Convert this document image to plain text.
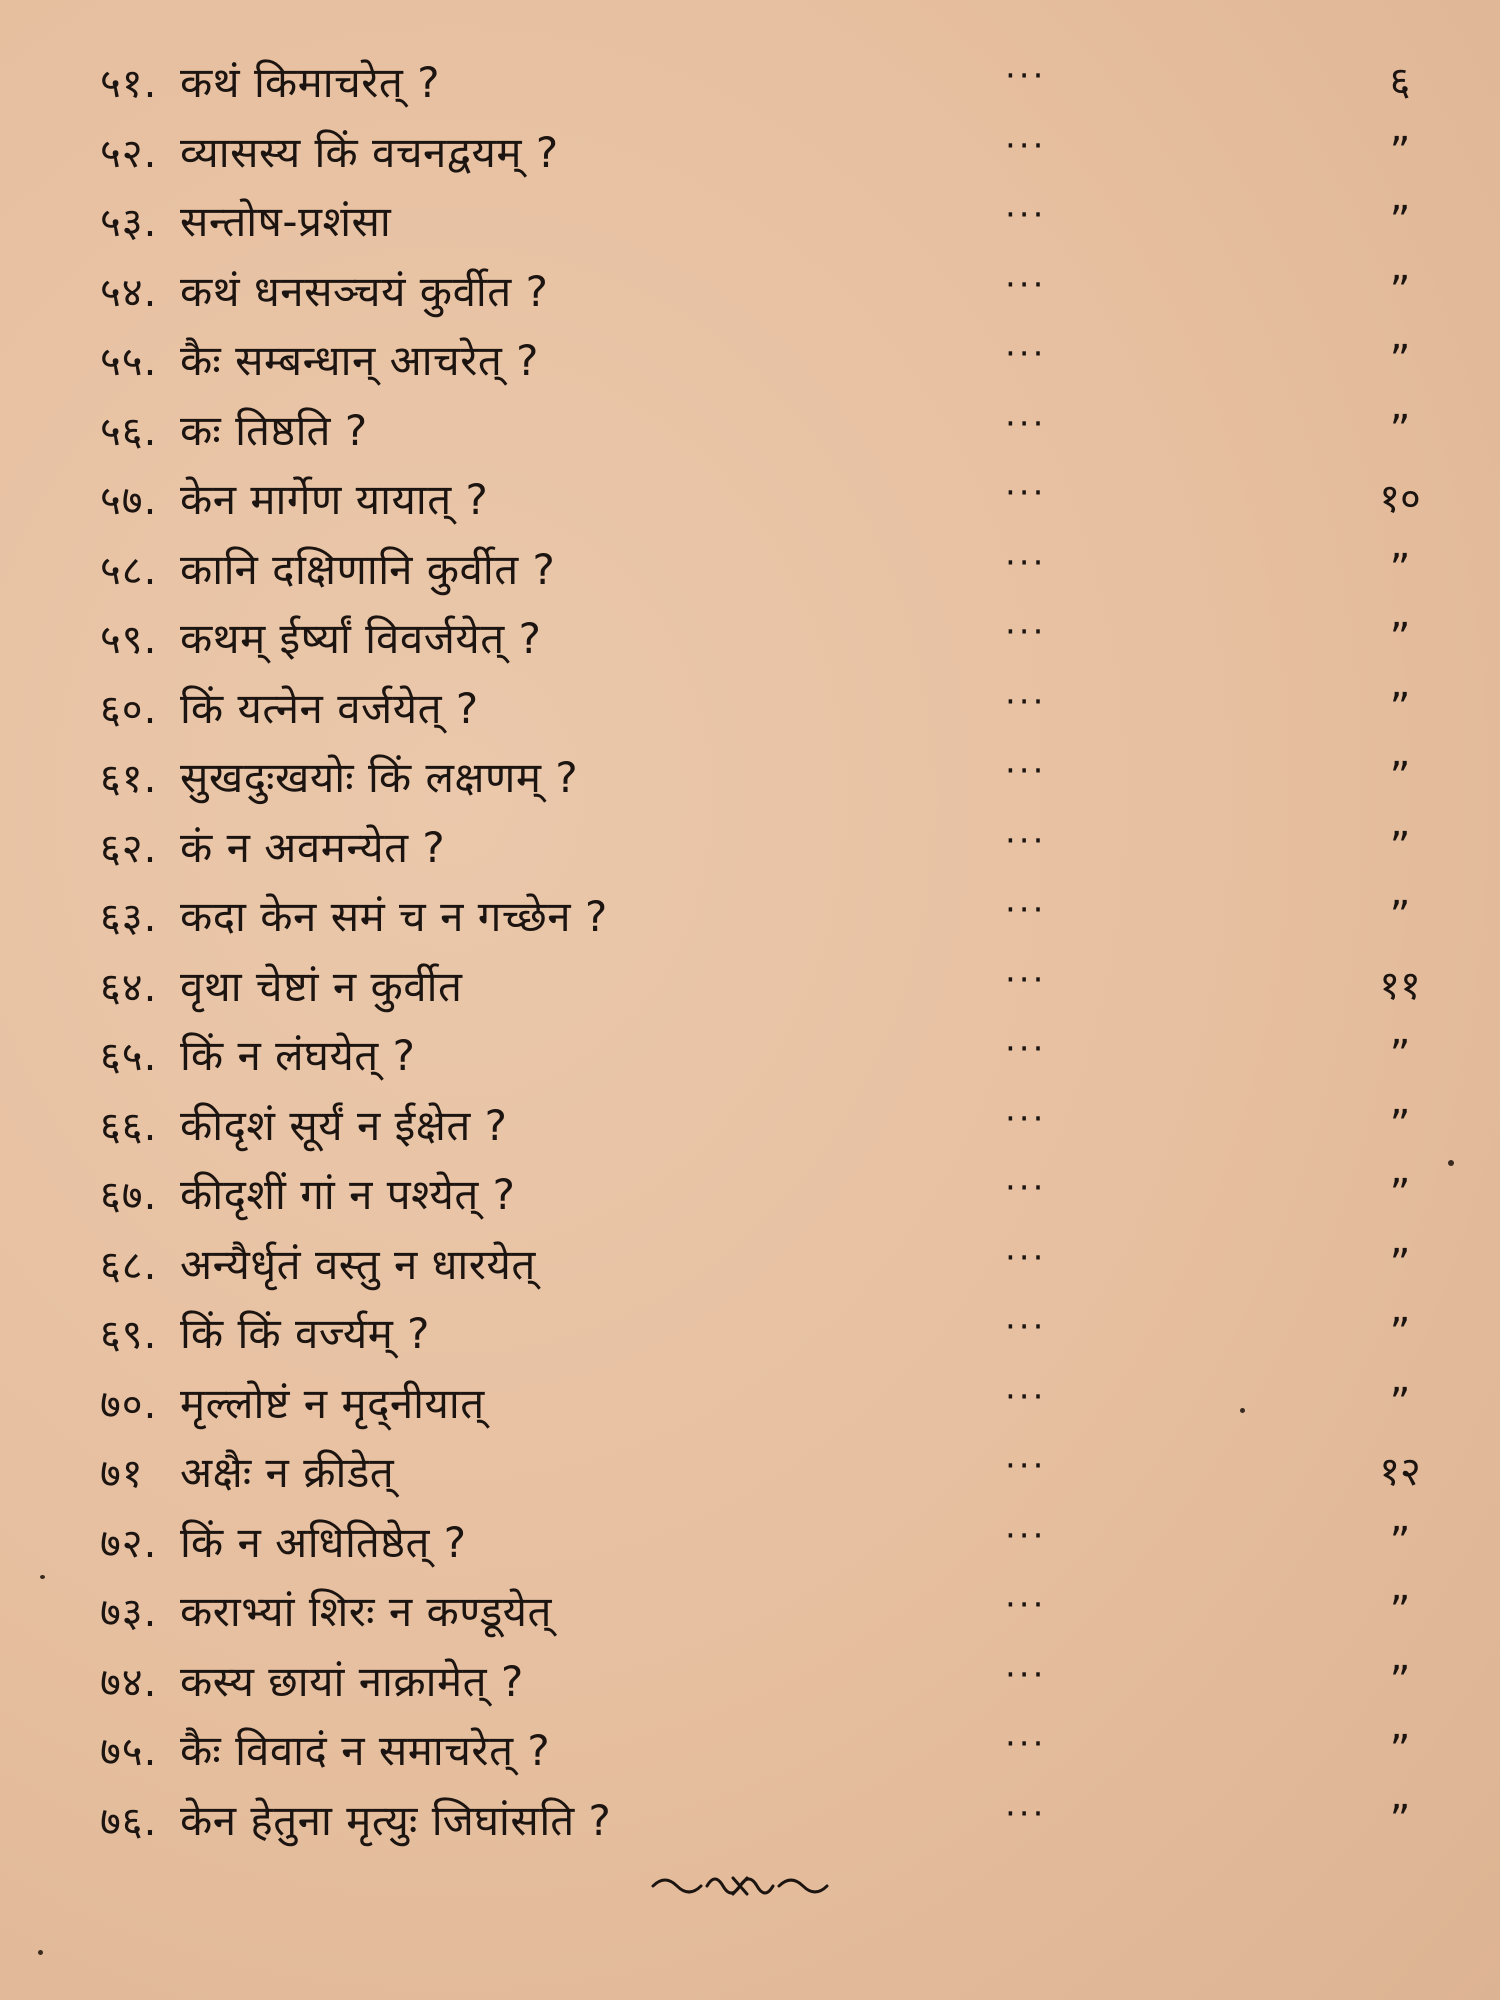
५१. कथं किमाचरेत् ?	···	६
५२. व्यासस्य किं वचनद्वयम् ?	···	”
५३. सन्तोष-प्रशंसा	···	”
५४. कथं धनसञ्चयं कुर्वीत ?	···	”
५५. कैः सम्बन्धान् आचरेत् ?	···	”
५६. कः तिष्ठति ?	···	”
५७. केन मार्गेण यायात् ?	···	१०
५८. कानि दक्षिणानि कुर्वीत ?	···	”
५९. कथम् ईर्ष्यां विवर्जयेत् ?	···	”
६०. किं यत्नेन वर्जयेत् ?	···	”
६१. सुखदुःखयोः किं लक्षणम् ?	···	”
६२. कं न अवमन्येत ?	···	”
६३. कदा केन समं च न गच्छेन ?	···	”
६४. वृथा चेष्टां न कुर्वीत	···	११
६५. किं न लंघयेत् ?	···	”
६६. कीदृशं सूर्यं न ईक्षेत ?	···	”
६७. कीदृशीं गां न पश्येत् ?	···	”
६८. अन्यैर्धृतं वस्तु न धारयेत्	···	”
६९. किं किं वर्ज्यम् ?	···	”
७०. मृल्लोष्टं न मृद्नीयात्	···	”
७१ अक्षैः न क्रीडेत्	···	१२
७२. किं न अधितिष्ठेत् ?	···	”
७३. कराभ्यां शिरः न कण्डूयेत्	···	”
७४. कस्य छायां नाक्रामेत् ?	···	”
७५. कैः विवादं न समाचरेत् ?	···	”
७६. केन हेतुना मृत्युः जिघांसति ?	···	”
